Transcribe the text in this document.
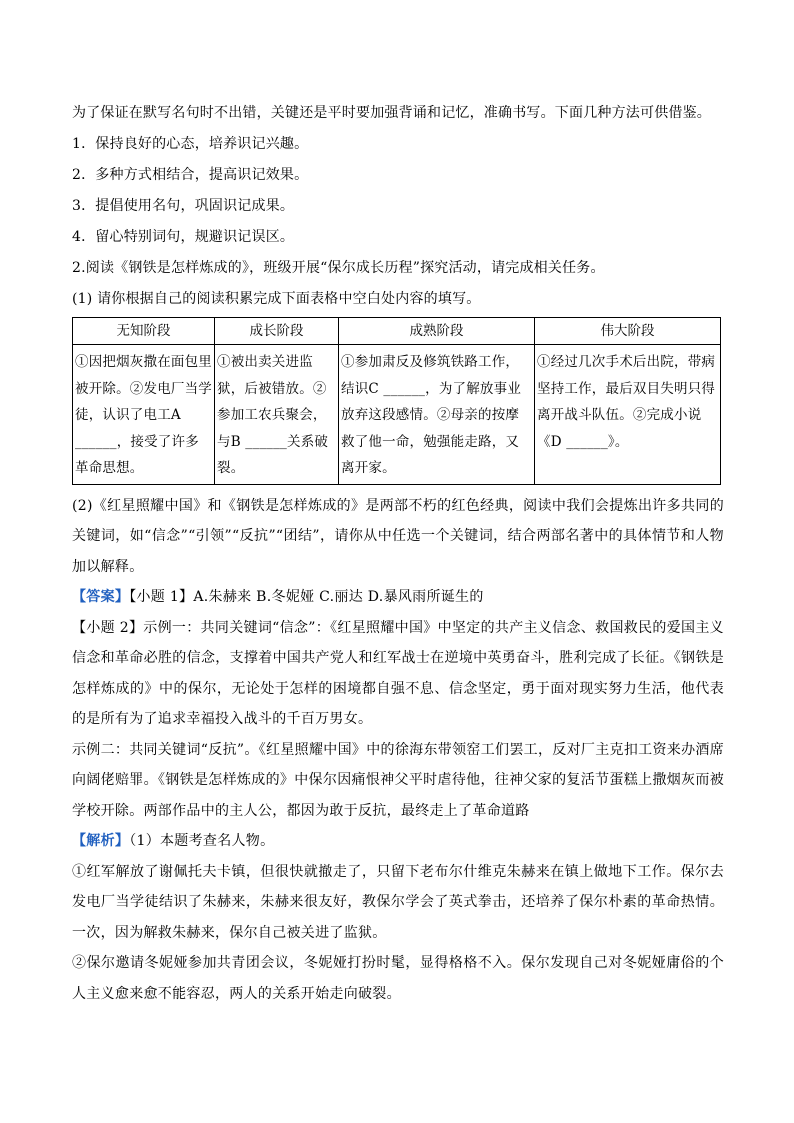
为了保证在默写名句时不出错，关键还是平时要加强背诵和记忆，准确书写。下面几种方法可供借鉴。
1．保持良好的心态，培养识记兴趣。
2．多种方式相结合，提高识记效果。
3．提倡使用名句，巩固识记成果。
4．留心特别词句，规避识记误区。
2.阅读《钢铁是怎样炼成的》，班级开展“保尔成长历程”探究活动，请完成相关任务。
(1) 请你根据自己的阅读积累完成下面表格中空白处内容的填写。
无知阶段	成长阶段	成熟阶段	伟大阶段
①因把烟灰撒在面包里被开除。②发电厂当学徒，认识了电工A ______，接受了许多革命思想。	①被出卖关进监狱，后被错放。②参加工农兵聚会，与B ______关系破裂。	①参加肃反及修筑铁路工作，结识C ______，为了解放事业放弃这段感情。②母亲的按摩救了他一命，勉强能走路，又离开家。	①经过几次手术后出院，带病坚持工作，最后双目失明只得离开战斗队伍。②完成小说《D ______》。
(2)《红星照耀中国》和《钢铁是怎样炼成的》是两部不朽的红色经典，阅读中我们会提炼出许多共同的关键词，如“信念”“引领”“反抗”“团结”，请你从中任选一个关键词，结合两部名著中的具体情节和人物加以解释。
【答案】【小题 1】A.朱赫来 B.冬妮娅 C.丽达 D.暴风雨所诞生的
【小题 2】示例一：共同关键词“信念”：《红星照耀中国》中坚定的共产主义信念、救国救民的爱国主义信念和革命必胜的信念，支撑着中国共产党人和红军战士在逆境中英勇奋斗，胜利完成了长征。《钢铁是怎样炼成的》中的保尔，无论处于怎样的困境都自强不息、信念坚定，勇于面对现实努力生活，他代表的是所有为了追求幸福投入战斗的千百万男女。
示例二：共同关键词“反抗”。《红星照耀中国》中的徐海东带领窑工们罢工，反对厂主克扣工资来办酒席向阔佬赔罪。《钢铁是怎样炼成的》中保尔因痛恨神父平时虐待他，往神父家的复活节蛋糕上撒烟灰而被学校开除。两部作品中的主人公，都因为敢于反抗，最终走上了革命道路
【解析】（1）本题考查名人物。
①红军解放了谢佩托夫卡镇，但很快就撤走了，只留下老布尔什维克朱赫来在镇上做地下工作。保尔去发电厂当学徒结识了朱赫来，朱赫来很友好，教保尔学会了英式拳击，还培养了保尔朴素的革命热情。一次，因为解救朱赫来，保尔自己被关进了监狱。
②保尔邀请冬妮娅参加共青团会议，冬妮娅打扮时髦，显得格格不入。保尔发现自己对冬妮娅庸俗的个人主义愈来愈不能容忍，两人的关系开始走向破裂。
